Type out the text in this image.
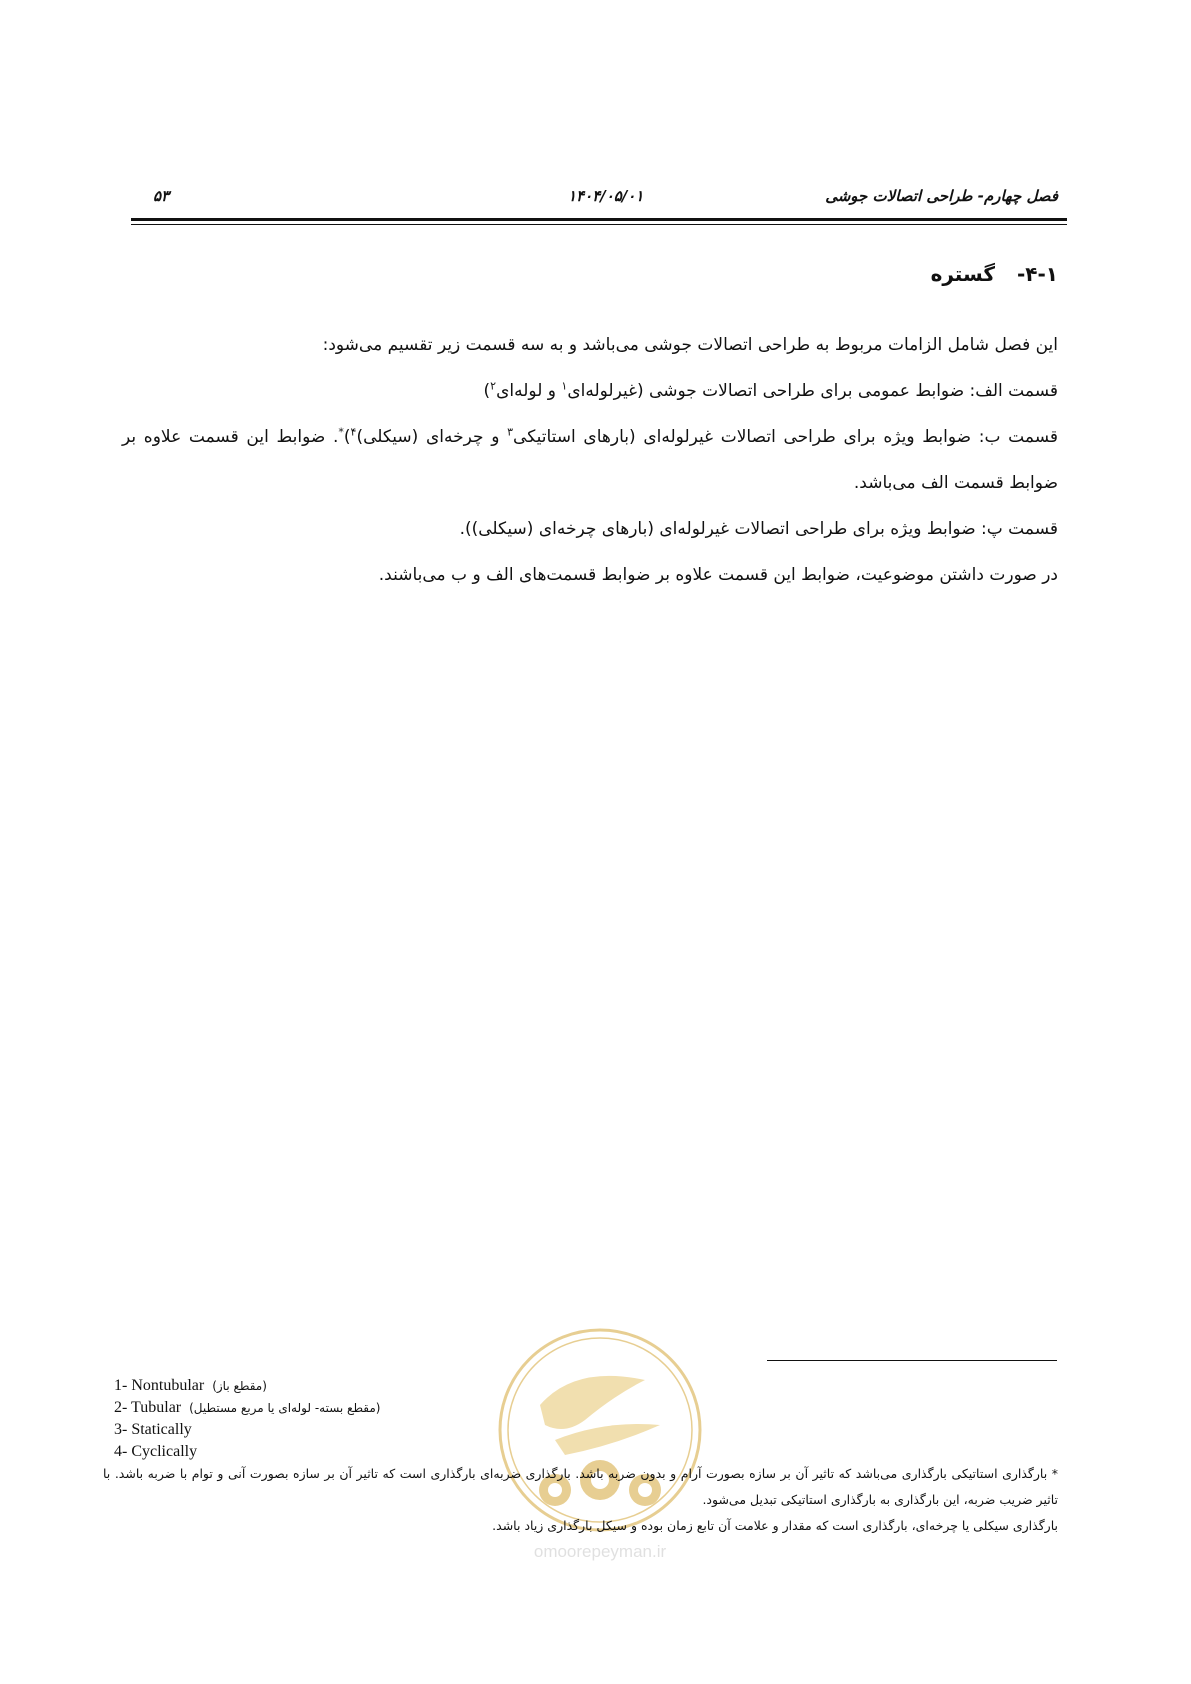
فصل چهارم- طراحی اتصالات جوشی
۱۴۰۴/۰۵/۰۱
۵۳
۴-۱-گستره

این فصل شامل الزامات مربوط به طراحی اتصالات جوشی می‌باشد و به سه قسمت زیر تقسیم می‌شود:

قسمت الف: ضوابط عمومی برای طراحی اتصالات جوشی (غیرلوله‌ای$^۱$ و لوله‌ای$^۲$)

قسمت ب: ضوابط ویژه برای طراحی اتصالات غیرلوله‌ای (بارهای استاتیکی$^۳$ و چرخه‌ای (سیکلی)$^۴$)*. ضوابط این قسمت علاوه بر ضوابط قسمت الف می‌باشد.

قسمت پ: ضوابط ویژه برای طراحی اتصالات غیرلوله‌ای (بارهای چرخه‌ای (سیکلی)).

در صورت داشتن موضوعیت، ضوابط این قسمت علاوه بر ضوابط قسمت‌های الف و ب می‌باشند.

omoorepeyman.ir
1- Nontubular (مقطع باز)
2- Tubular (مقطع بسته- لوله‌ای یا مربع مستطیل)
3- Statically
4- Cyclically

* بارگذاری استاتیکی بارگذاری می‌باشد که تاثیر آن بر سازه بصورت آرام و بدون ضربه باشد. بارگذاری ضربه‌ای بارگذاری است که تاثیر آن بر سازه بصورت آنی و توام با ضربه باشد. با تاثیر ضریب ضربه، این بارگذاری به بارگذاری استاتیکی تبدیل می‌شود.

بارگذاری سیکلی یا چرخه‌ای، بارگذاری است که مقدار و علامت آن تابع زمان بوده و سیکل بارگذاری زیاد باشد.
